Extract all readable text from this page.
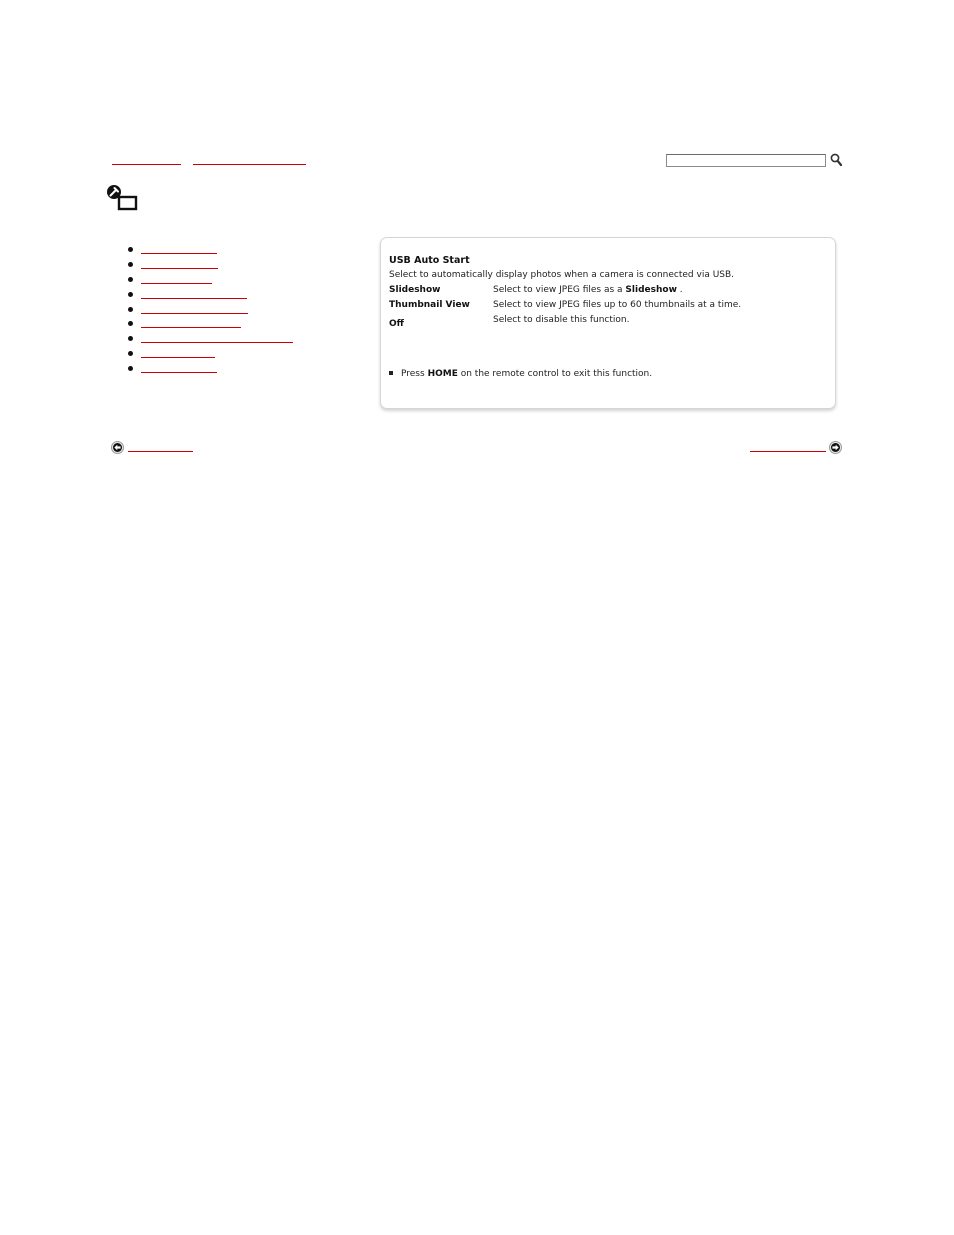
USB Auto Start
Select to automatically display photos when a camera is connected via USB.
Slideshow	Select to view JPEG files as a Slideshow .
Thumbnail View	Select to view JPEG files up to 60 thumbnails at a time.
Off	Select to disable this function.
Press HOME on the remote control to exit this function.
